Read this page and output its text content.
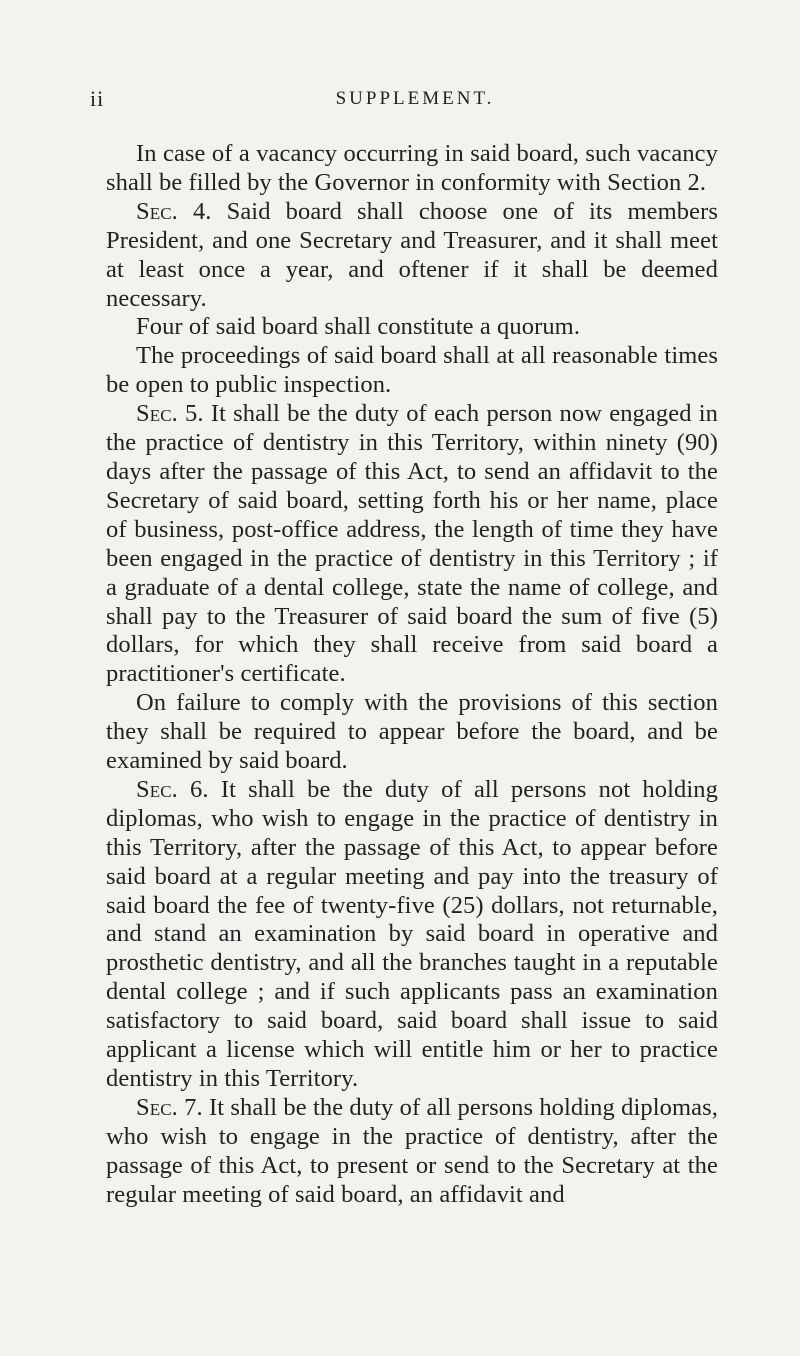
ii	SUPPLEMENT.

In case of a vacancy occurring in said board, such vacancy shall be filled by the Governor in conformity with Section 2.

Sec. 4. Said board shall choose one of its members President, and one Secretary and Treasurer, and it shall meet at least once a year, and oftener if it shall be deemed necessary.

Four of said board shall constitute a quorum.

The proceedings of said board shall at all reasonable times be open to public inspection.

Sec. 5. It shall be the duty of each person now engaged in the practice of dentistry in this Territory, within ninety (90) days after the passage of this Act, to send an affidavit to the Secretary of said board, setting forth his or her name, place of business, post-office address, the length of time they have been engaged in the practice of dentistry in this Territory ; if a graduate of a dental college, state the name of college, and shall pay to the Treasurer of said board the sum of five (5) dollars, for which they shall receive from said board a practitioner's certificate.

On failure to comply with the provisions of this section they shall be required to appear before the board, and be examined by said board.

Sec. 6. It shall be the duty of all persons not holding diplomas, who wish to engage in the practice of dentistry in this Territory, after the passage of this Act, to appear before said board at a regular meeting and pay into the treasury of said board the fee of twenty-five (25) dollars, not returnable, and stand an examination by said board in operative and prosthetic dentistry, and all the branches taught in a reputable dental college ; and if such applicants pass an examination satisfactory to said board, said board shall issue to said applicant a license which will entitle him or her to practice dentistry in this Territory.

Sec. 7. It shall be the duty of all persons holding diplomas, who wish to engage in the practice of dentistry, after the passage of this Act, to present or send to the Secretary at the regular meeting of said board, an affidavit and
